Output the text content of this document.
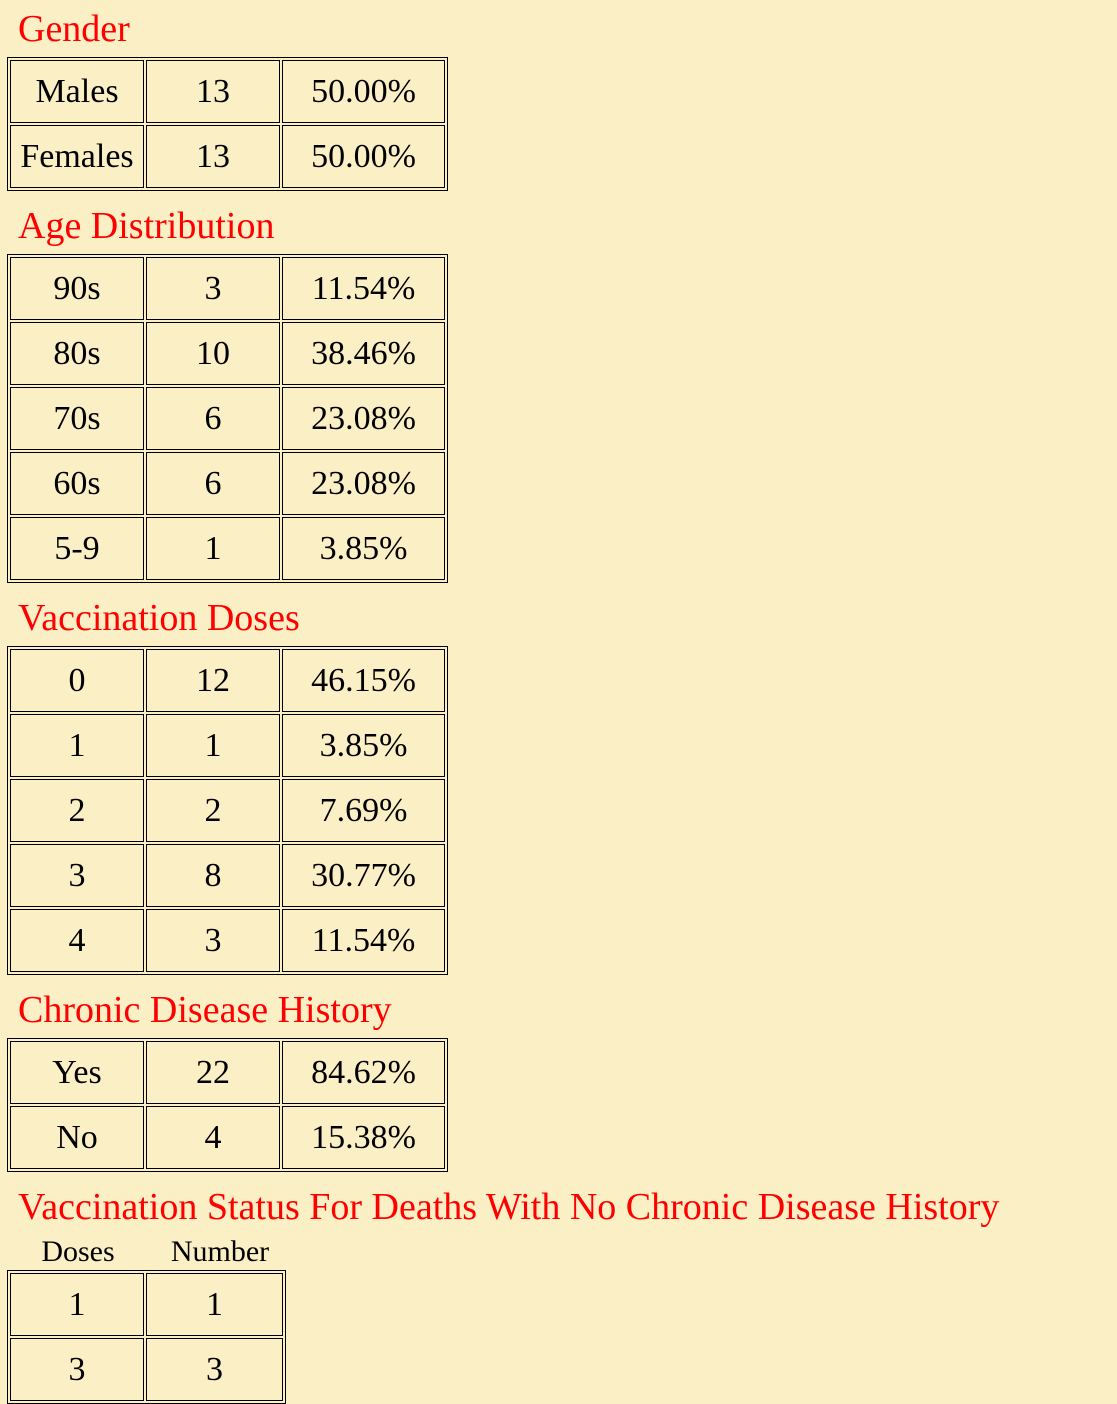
Gender
Males	13	50.00%
Females	13	50.00%
Age Distribution
90s	3	11.54%
80s	10	38.46%
70s	6	23.08%
60s	6	23.08%
5-9	1	3.85%
Vaccination Doses
0	12	46.15%
1	1	3.85%
2	2	7.69%
3	8	30.77%
4	3	11.54%
Chronic Disease History
Yes	22	84.62%
No	4	15.38%
Vaccination Status For Deaths With No Chronic Disease History
Doses	Number
1	1
3	3
